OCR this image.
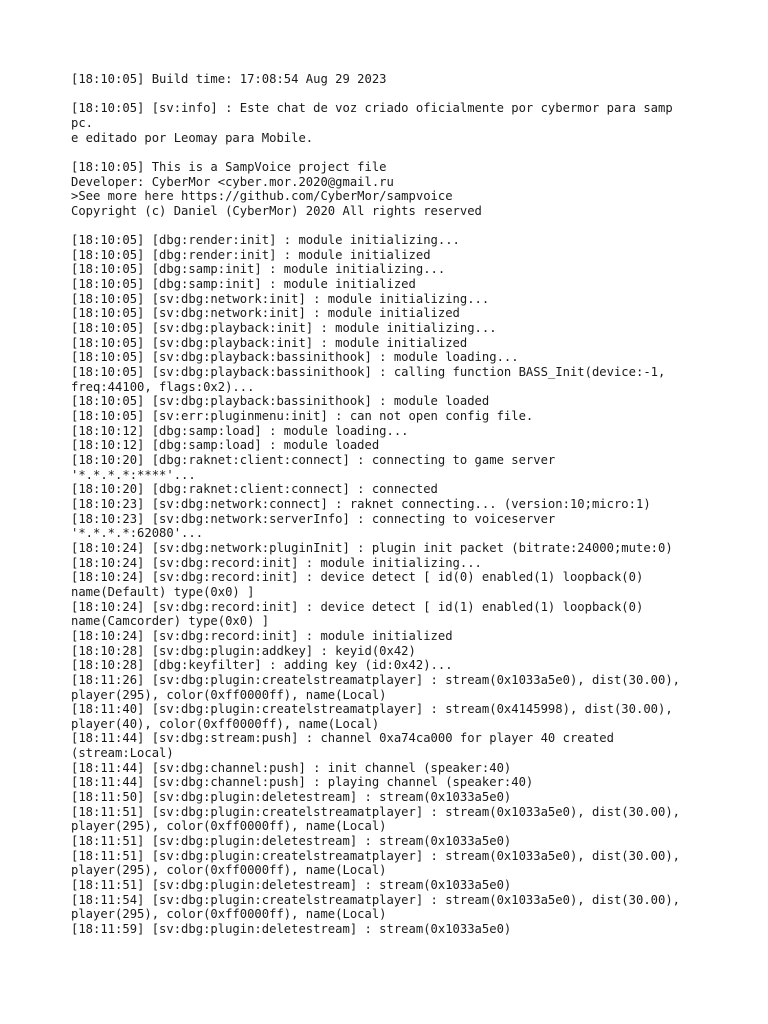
[18:10:05] Build time: 17:08:54 Aug 29 2023
[18:10:05] [sv:info] : Este chat de voz criado oficialmente por cybermor para samp
pc.
e editado por Leomay para Mobile.
[18:10:05] This is a SampVoice project file
Developer: CyberMor <cyber.mor.2020@gmail.ru
>See more here https://github.com/CyberMor/sampvoice
Copyright (c) Daniel (CyberMor) 2020 All rights reserved
[18:10:05] [dbg:render:init] : module initializing...
[18:10:05] [dbg:render:init] : module initialized
[18:10:05] [dbg:samp:init] : module initializing...
[18:10:05] [dbg:samp:init] : module initialized
[18:10:05] [sv:dbg:network:init] : module initializing...
[18:10:05] [sv:dbg:network:init] : module initialized
[18:10:05] [sv:dbg:playback:init] : module initializing...
[18:10:05] [sv:dbg:playback:init] : module initialized
[18:10:05] [sv:dbg:playback:bassinithook] : module loading...
[18:10:05] [sv:dbg:playback:bassinithook] : calling function BASS_Init(device:-1,
freq:44100, flags:0x2)...
[18:10:05] [sv:dbg:playback:bassinithook] : module loaded
[18:10:05] [sv:err:pluginmenu:init] : can not open config file.
[18:10:12] [dbg:samp:load] : module loading...
[18:10:12] [dbg:samp:load] : module loaded
[18:10:20] [dbg:raknet:client:connect] : connecting to game server
'*.*.*.*:****'...
[18:10:20] [dbg:raknet:client:connect] : connected
[18:10:23] [sv:dbg:network:connect] : raknet connecting... (version:10;micro:1)
[18:10:23] [sv:dbg:network:serverInfo] : connecting to voiceserver
'*.*.*.*:62080'...
[18:10:24] [sv:dbg:network:pluginInit] : plugin init packet (bitrate:24000;mute:0)
[18:10:24] [sv:dbg:record:init] : module initializing...
[18:10:24] [sv:dbg:record:init] : device detect [ id(0) enabled(1) loopback(0)
name(Default) type(0x0) ]
[18:10:24] [sv:dbg:record:init] : device detect [ id(1) enabled(1) loopback(0)
name(Camcorder) type(0x0) ]
[18:10:24] [sv:dbg:record:init] : module initialized
[18:10:28] [sv:dbg:plugin:addkey] : keyid(0x42)
[18:10:28] [dbg:keyfilter] : adding key (id:0x42)...
[18:11:26] [sv:dbg:plugin:createlstreamatplayer] : stream(0x1033a5e0), dist(30.00),
player(295), color(0xff0000ff), name(Local)
[18:11:40] [sv:dbg:plugin:createlstreamatplayer] : stream(0x4145998), dist(30.00),
player(40), color(0xff0000ff), name(Local)
[18:11:44] [sv:dbg:stream:push] : channel 0xa74ca000 for player 40 created
(stream:Local)
[18:11:44] [sv:dbg:channel:push] : init channel (speaker:40)
[18:11:44] [sv:dbg:channel:push] : playing channel (speaker:40)
[18:11:50] [sv:dbg:plugin:deletestream] : stream(0x1033a5e0)
[18:11:51] [sv:dbg:plugin:createlstreamatplayer] : stream(0x1033a5e0), dist(30.00),
player(295), color(0xff0000ff), name(Local)
[18:11:51] [sv:dbg:plugin:deletestream] : stream(0x1033a5e0)
[18:11:51] [sv:dbg:plugin:createlstreamatplayer] : stream(0x1033a5e0), dist(30.00),
player(295), color(0xff0000ff), name(Local)
[18:11:51] [sv:dbg:plugin:deletestream] : stream(0x1033a5e0)
[18:11:54] [sv:dbg:plugin:createlstreamatplayer] : stream(0x1033a5e0), dist(30.00),
player(295), color(0xff0000ff), name(Local)
[18:11:59] [sv:dbg:plugin:deletestream] : stream(0x1033a5e0)
